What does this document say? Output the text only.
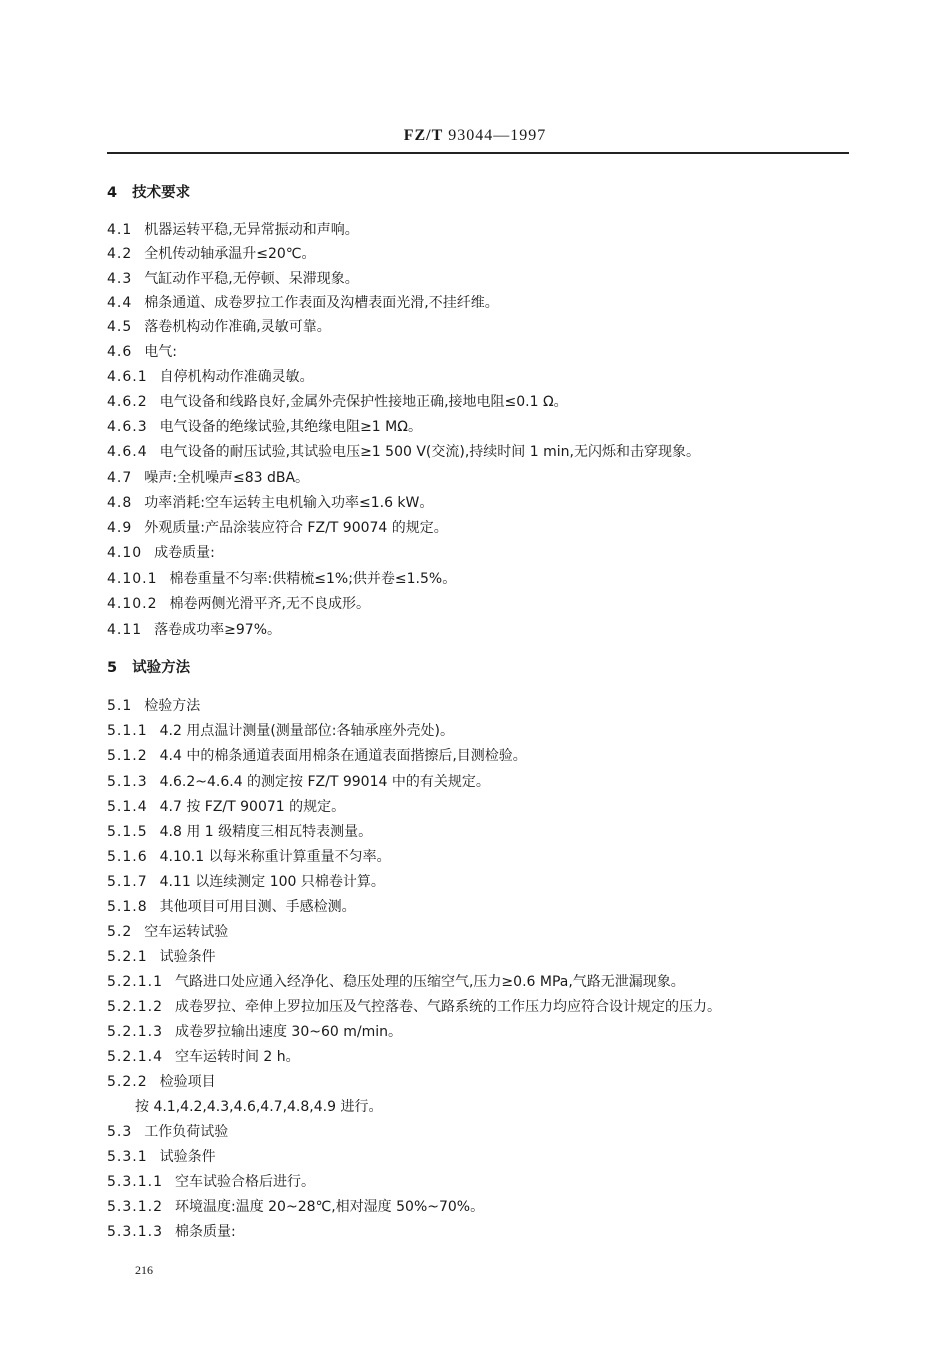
FZ/T 93044—1997
4 技术要求
4.1 机器运转平稳,无异常振动和声响。
4.2 全机传动轴承温升≤20℃。
4.3 气缸动作平稳,无停顿、呆滞现象。
4.4 棉条通道、成卷罗拉工作表面及沟槽表面光滑,不挂纤维。
4.5 落卷机构动作准确,灵敏可靠。
4.6 电气:
4.6.1 自停机构动作准确灵敏。
4.6.2 电气设备和线路良好,金属外壳保护性接地正确,接地电阻≤0.1 Ω。
4.6.3 电气设备的绝缘试验,其绝缘电阻≥1 MΩ。
4.6.4 电气设备的耐压试验,其试验电压≥1 500 V(交流),持续时间 1 min,无闪烁和击穿现象。
4.7 噪声:全机噪声≤83 dBA。
4.8 功率消耗:空车运转主电机输入功率≤1.6 kW。
4.9 外观质量:产品涂装应符合 FZ/T 90074 的规定。
4.10 成卷质量:
4.10.1 棉卷重量不匀率:供精梳≤1%;供并卷≤1.5%。
4.10.2 棉卷两侧光滑平齐,无不良成形。
4.11 落卷成功率≥97%。
5 试验方法
5.1 检验方法
5.1.1 4.2 用点温计测量(测量部位:各轴承座外壳处)。
5.1.2 4.4 中的棉条通道表面用棉条在通道表面揩擦后,目测检验。
5.1.3 4.6.2~4.6.4 的测定按 FZ/T 99014 中的有关规定。
5.1.4 4.7 按 FZ/T 90071 的规定。
5.1.5 4.8 用 1 级精度三相瓦特表测量。
5.1.6 4.10.1 以每米称重计算重量不匀率。
5.1.7 4.11 以连续测定 100 只棉卷计算。
5.1.8 其他项目可用目测、手感检测。
5.2 空车运转试验
5.2.1 试验条件
5.2.1.1 气路进口处应通入经净化、稳压处理的压缩空气,压力≥0.6 MPa,气路无泄漏现象。
5.2.1.2 成卷罗拉、牵伸上罗拉加压及气控落卷、气路系统的工作压力均应符合设计规定的压力。
5.2.1.3 成卷罗拉输出速度 30~60 m/min。
5.2.1.4 空车运转时间 2 h。
5.2.2 检验项目
按 4.1,4.2,4.3,4.6,4.7,4.8,4.9 进行。
5.3 工作负荷试验
5.3.1 试验条件
5.3.1.1 空车试验合格后进行。
5.3.1.2 环境温度:温度 20~28℃,相对湿度 50%~70%。
5.3.1.3 棉条质量:
216
